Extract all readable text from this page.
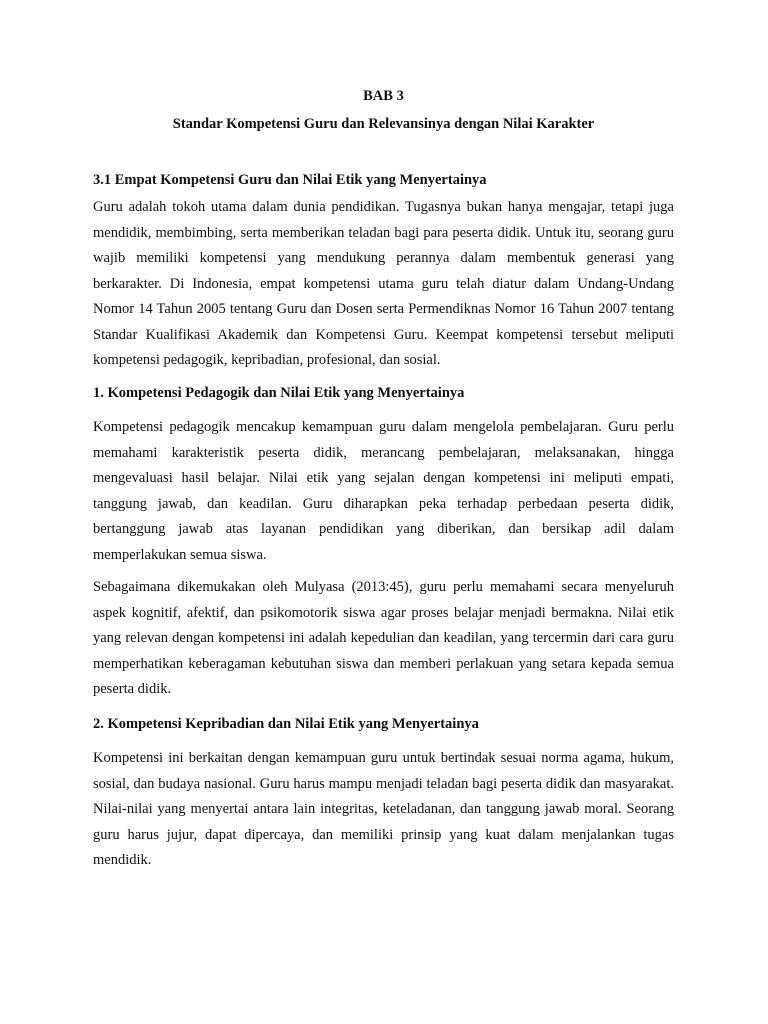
BAB 3
Standar Kompetensi Guru dan Relevansinya dengan Nilai Karakter
3.1 Empat Kompetensi Guru dan Nilai Etik yang Menyertainya

Guru adalah tokoh utama dalam dunia pendidikan. Tugasnya bukan hanya mengajar, tetapi juga mendidik, membimbing, serta memberikan teladan bagi para peserta didik. Untuk itu, seorang guru wajib memiliki kompetensi yang mendukung perannya dalam membentuk generasi yang berkarakter. Di Indonesia, empat kompetensi utama guru telah diatur dalam Undang-Undang Nomor 14 Tahun 2005 tentang Guru dan Dosen serta Permendiknas Nomor 16 Tahun 2007 tentang Standar Kualifikasi Akademik dan Kompetensi Guru. Keempat kompetensi tersebut meliputi kompetensi pedagogik, kepribadian, profesional, dan sosial.

1. Kompetensi Pedagogik dan Nilai Etik yang Menyertainya

Kompetensi pedagogik mencakup kemampuan guru dalam mengelola pembelajaran. Guru perlu memahami karakteristik peserta didik, merancang pembelajaran, melaksanakan, hingga mengevaluasi hasil belajar. Nilai etik yang sejalan dengan kompetensi ini meliputi empati, tanggung jawab, dan keadilan. Guru diharapkan peka terhadap perbedaan peserta didik, bertanggung jawab atas layanan pendidikan yang diberikan, dan bersikap adil dalam memperlakukan semua siswa.

Sebagaimana dikemukakan oleh Mulyasa (2013:45), guru perlu memahami secara menyeluruh aspek kognitif, afektif, dan psikomotorik siswa agar proses belajar menjadi bermakna. Nilai etik yang relevan dengan kompetensi ini adalah kepedulian dan keadilan, yang tercermin dari cara guru memperhatikan keberagaman kebutuhan siswa dan memberi perlakuan yang setara kepada semua peserta didik.

2. Kompetensi Kepribadian dan Nilai Etik yang Menyertainya

Kompetensi ini berkaitan dengan kemampuan guru untuk bertindak sesuai norma agama, hukum, sosial, dan budaya nasional. Guru harus mampu menjadi teladan bagi peserta didik dan masyarakat. Nilai-nilai yang menyertai antara lain integritas, keteladanan, dan tanggung jawab moral. Seorang guru harus jujur, dapat dipercaya, dan memiliki prinsip yang kuat dalam menjalankan tugas mendidik.
